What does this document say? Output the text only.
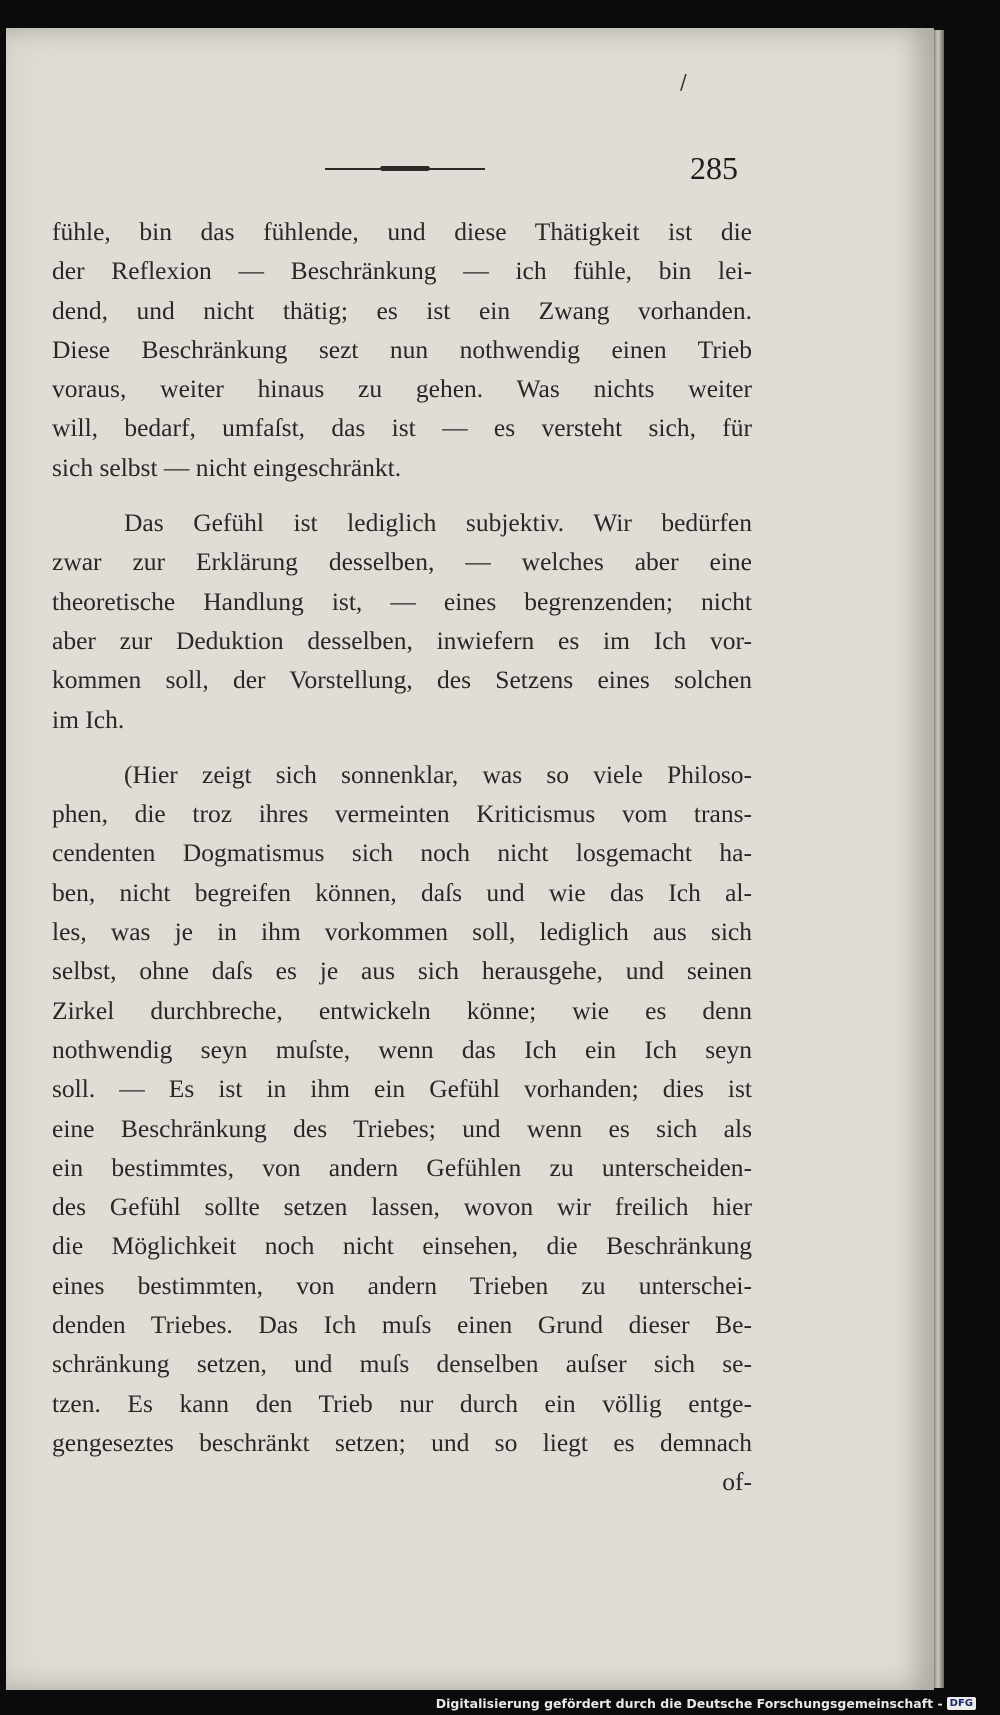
/
285
fühle, bin das fühlende, und diese Thätigkeit ist die
der Reflexion — Beschränkung — ich fühle, bin lei-
dend, und nicht thätig; es ist ein Zwang vorhanden.
Diese Beschränkung sezt nun nothwendig einen Trieb
voraus, weiter hinaus zu gehen. Was nichts weiter
will, bedarf, umfaſst, das ist — es versteht sich, für
sich selbst — nicht eingeschränkt.
Das Gefühl ist lediglich subjektiv. Wir bedürfen
zwar zur Erklärung desselben, — welches aber eine
theoretische Handlung ist, — eines begrenzenden; nicht
aber zur Deduktion desselben, inwiefern es im Ich vor-
kommen soll, der Vorstellung, des Setzens eines solchen
im Ich.
(Hier zeigt sich sonnenklar, was so viele Philoso-
phen, die troz ihres vermeinten Kriticismus vom trans-
cendenten Dogmatismus sich noch nicht losgemacht ha-
ben, nicht begreifen können, daſs und wie das Ich al-
les, was je in ihm vorkommen soll, lediglich aus sich
selbst, ohne daſs es je aus sich herausgehe, und seinen
Zirkel durchbreche, entwickeln könne; wie es denn
nothwendig seyn muſste, wenn das Ich ein Ich seyn
soll. — Es ist in ihm ein Gefühl vorhanden; dies ist
eine Beschränkung des Triebes; und wenn es sich als
ein bestimmtes, von andern Gefühlen zu unterscheiden-
des Gefühl sollte setzen lassen, wovon wir freilich hier
die Möglichkeit noch nicht einsehen, die Beschränkung
eines bestimmten, von andern Trieben zu unterschei-
denden Triebes. Das Ich muſs einen Grund dieser Be-
schränkung setzen, und muſs denselben auſser sich se-
tzen. Es kann den Trieb nur durch ein völlig entge-
gengeseztes beschränkt setzen; und so liegt es demnach
of-
Digitalisierung gefördert durch die Deutsche Forschungsgemeinschaft - DFG
